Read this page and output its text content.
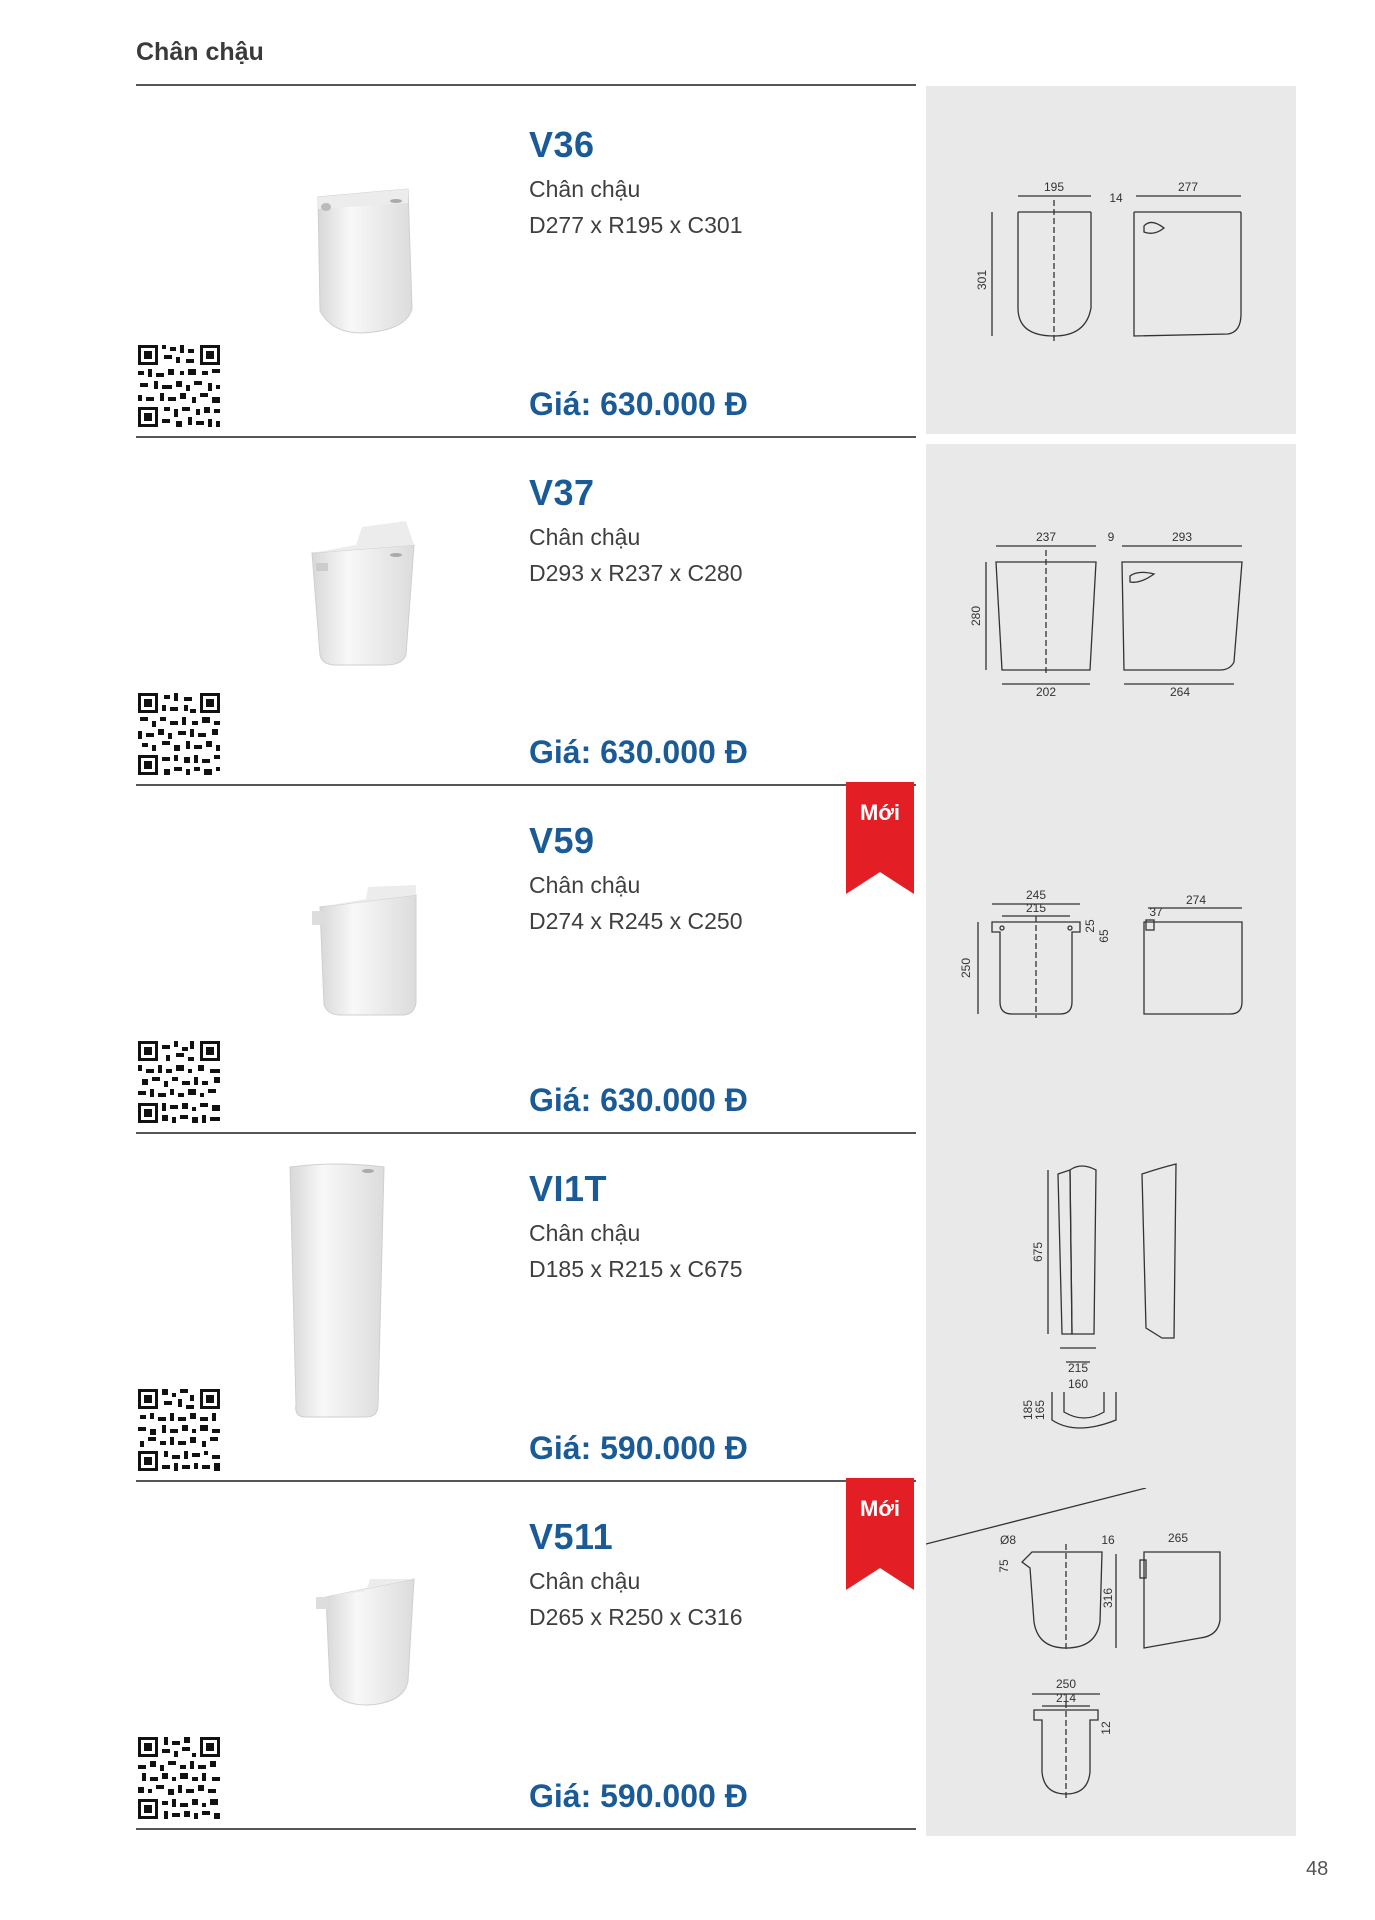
Chân chậu
V36
Chân chậu
D277 x R195 x C301
Giá: 630.000 Đ
195
14
277
301
V37
Chân chậu
D293 x R237 x C280
Giá: 630.000 Đ
237	9	293
280
202	264
V59
Chân chậu
D274 x R245 x C250
Giá: 630.000 Đ
Mới
245
215
25
65
250
37
274
VI1T
Chân chậu
D185 x R215 x C675
Giá: 590.000 Đ
675
215
160
185
165
V511
Chân chậu
D265 x R250 x C316
Giá: 590.000 Đ
Mới
Ø8	16	265
75
316
250
214
12
48
